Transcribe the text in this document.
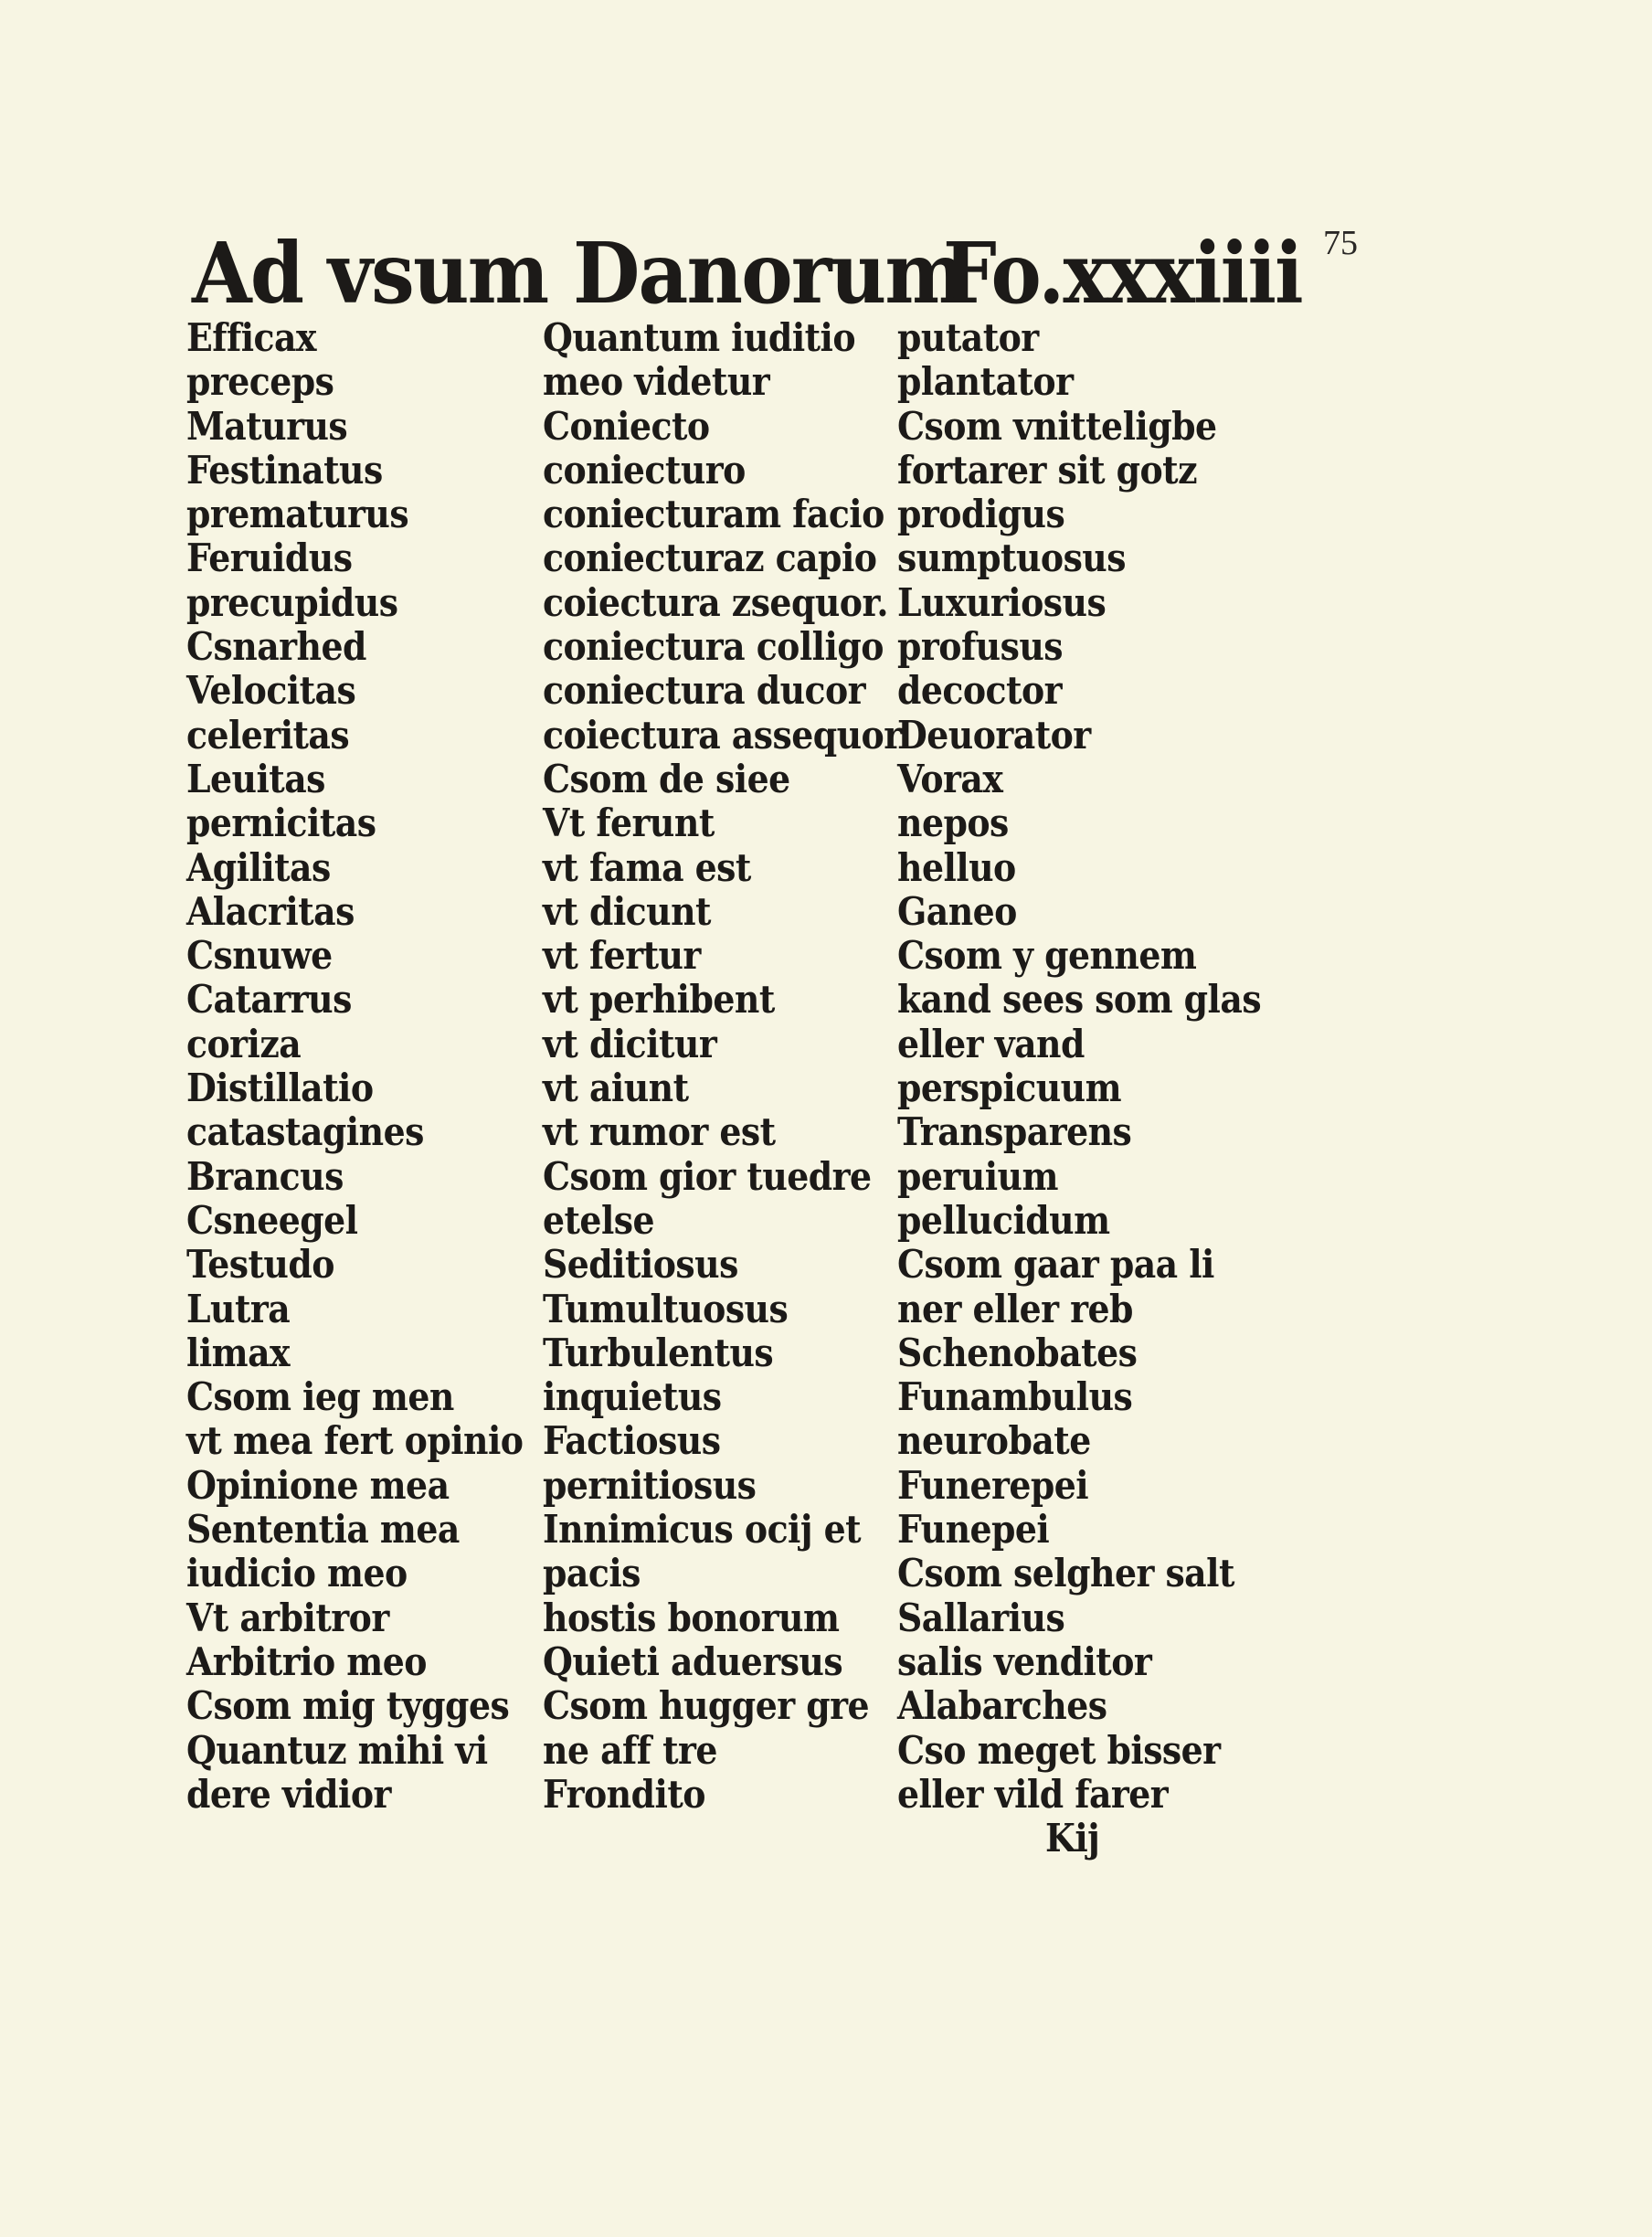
75
Ad vsum Danorum
Fo.xxxiiii
Efficax
preceps
Maturus
Festinatus
prematurus
Feruidus
precupidus
Csnarhed
Velocitas
celeritas
Leuitas
pernicitas
Agilitas
Alacritas
Csnuwe
Catarrus
coriza
Distillatio
catastagines
Brancus
Csneegel
Testudo
Lutra
limax
Csom ieg men
vt mea fert opinio
Opinione mea
Sententia mea
iudicio meo
Vt arbitror
Arbitrio meo
Csom mig tygges
Quantuz mihi vi
dere vidior
Quantum iuditio
meo videtur
Coniecto
coniecturo
coniecturam facio
coniecturaz capio
coiectura zsequor.
coniectura colligo
coniectura ducor
coiectura assequor
Csom de siee
Vt ferunt
vt fama est
vt dicunt
vt fertur
vt perhibent
vt dicitur
vt aiunt
vt rumor est
Csom gior tuedre
etelse
Seditiosus
Tumultuosus
Turbulentus
inquietus
Factiosus
pernitiosus
Innimicus ocij et
pacis
hostis bonorum
Quieti aduersus
Csom hugger gre
ne aff tre
Frondito
putator
plantator
Csom vnitteligbe
fortarer sit gotz
prodigus
sumptuosus
Luxuriosus
profusus
decoctor
Deuorator
Vorax
nepos
helluo
Ganeo
Csom y gennem
kand sees som glas
eller vand
perspicuum
Transparens
peruium
pellucidum
Csom gaar paa li
ner eller reb
Schenobates
Funambulus
neurobate
Funerepei
Funepei
Csom selgher salt
Sallarius
salis venditor
Alabarches
Cso meget bisser
eller vild farer
Kij
